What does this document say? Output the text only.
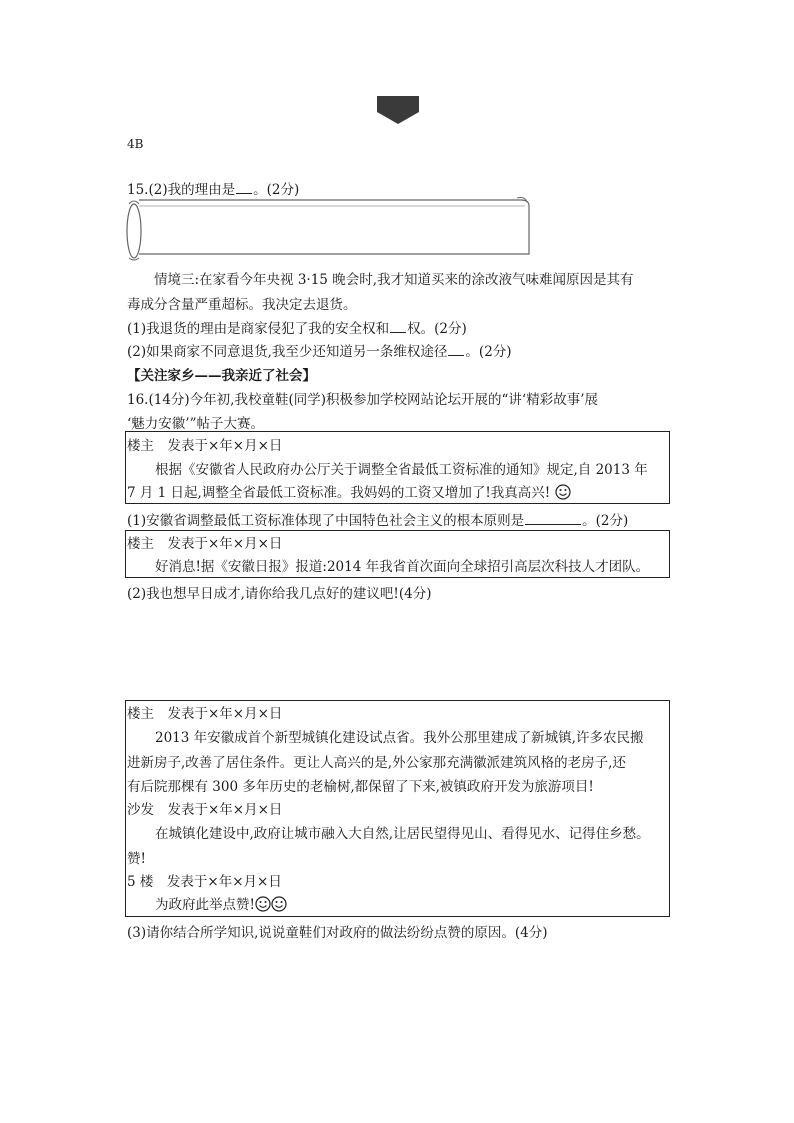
4B
15.(2)我的理由是 。(2分)
情境三:在家看今年央视 3·15 晚会时,我才知道买来的涂改液气味难闻原因是其有
毒成分含量严重超标。我决定去退货。
(1)我退货的理由是商家侵犯了我的安全权和 权。(2分)
(2)如果商家不同意退货,我至少还知道另一条维权途径 。(2分)
【关注家乡——我亲近了社会】
16.(14分)今年初,我校童鞋(同学)积极参加学校网站论坛开展的“讲‘精彩故事’展
‘魅力安徽’”帖子大赛。
楼主　发表于×年×月×日
根据《安徽省人民政府办公厅关于调整全省最低工资标准的通知》规定,自 2013 年
7 月 1 日起,调整全省最低工资标准。我妈妈的工资又增加了!我真高兴!
(1)安徽省调整最低工资标准体现了中国特色社会主义的根本原则是	。(2分)
楼主　发表于×年×月×日
好消息!据《安徽日报》报道:2014 年我省首次面向全球招引高层次科技人才团队。
(2)我也想早日成才,请你给我几点好的建议吧!(4分)
楼主　发表于×年×月×日
2013 年安徽成首个新型城镇化建设试点省。我外公那里建成了新城镇,许多农民搬
进新房子,改善了居住条件。更让人高兴的是,外公家那充满徽派建筑风格的老房子,还
有后院那棵有 300 多年历史的老榆树,都保留了下来,被镇政府开发为旅游项目!
沙发　发表于×年×月×日
在城镇化建设中,政府让城市融入大自然,让居民望得见山、看得见水、记得住乡愁。
赞!
5 楼　发表于×年×月×日
为政府此举点赞!
(3)请你结合所学知识,说说童鞋们对政府的做法纷纷点赞的原因。(4分)
